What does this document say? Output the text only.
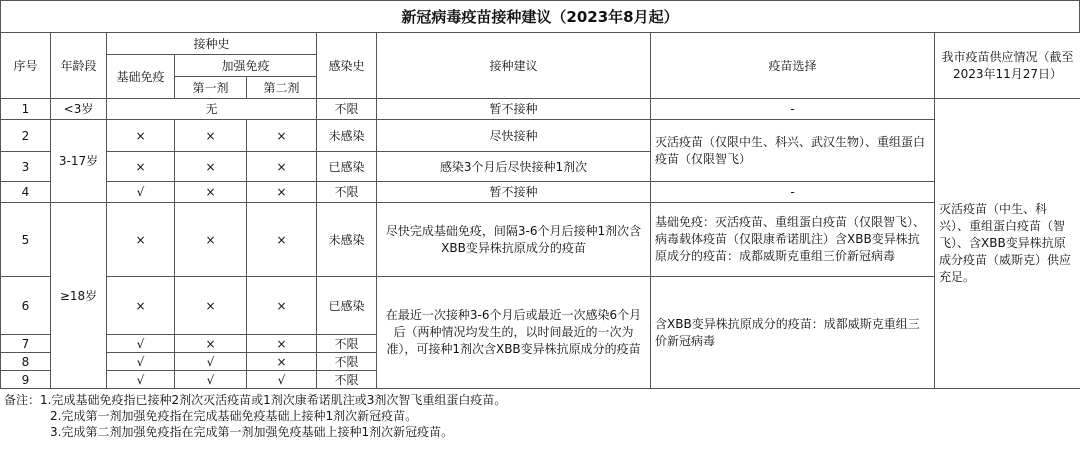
新冠病毒疫苗接种建议（2023年8月起）
序号	年龄段	接种史			感染史	接种建议	疫苗选择	我市疫苗供应情况（截至2023年11月27日）
		基础免疫	加强免疫					
			第一剂	第二剂				
1	<3岁	无			不限	暂不接种	-	灭活疫苗（中生、科兴）、重组蛋白疫苗（智飞）、含XBB变异株抗原成分疫苗（威斯克）供应充足。
2	3-17岁	×	×	×	未感染	尽快接种	灭活疫苗（仅限中生、科兴、武汉生物）、重组蛋白疫苗（仅限智飞）	
3		×	×	×	已感染	感染3个月后尽快接种1剂次		
4		√	×	×	不限	暂不接种	-	
5	≥18岁	×	×	×	未感染	尽快完成基础免疫，间隔3-6个月后接种1剂次含XBB变异株抗原成分的疫苗	基础免疫：灭活疫苗、重组蛋白疫苗（仅限智飞）、病毒载体疫苗（仅限康希诺肌注）含XBB变异株抗原成分的疫苗：成都威斯克重组三价新冠病毒	
6		×	×	×	已感染	在最近一次接种3-6个月后或最近一次感染6个月后（两种情况均发生的，以时间最近的一次为准），可接种1剂次含XBB变异株抗原成分的疫苗	含XBB变异株抗原成分的疫苗：成都威斯克重组三价新冠病毒	
7		√	×	×	不限			
8		√	√	×	不限			
9		√	√	√	不限			
备注：1.完成基础免疫指已接种2剂次灭活疫苗或1剂次康希诺肌注或3剂次智飞重组蛋白疫苗。
2.完成第一剂加强免疫指在完成基础免疫基础上接种1剂次新冠疫苗。
3.完成第二剂加强免疫指在完成第一剂加强免疫基础上接种1剂次新冠疫苗。
